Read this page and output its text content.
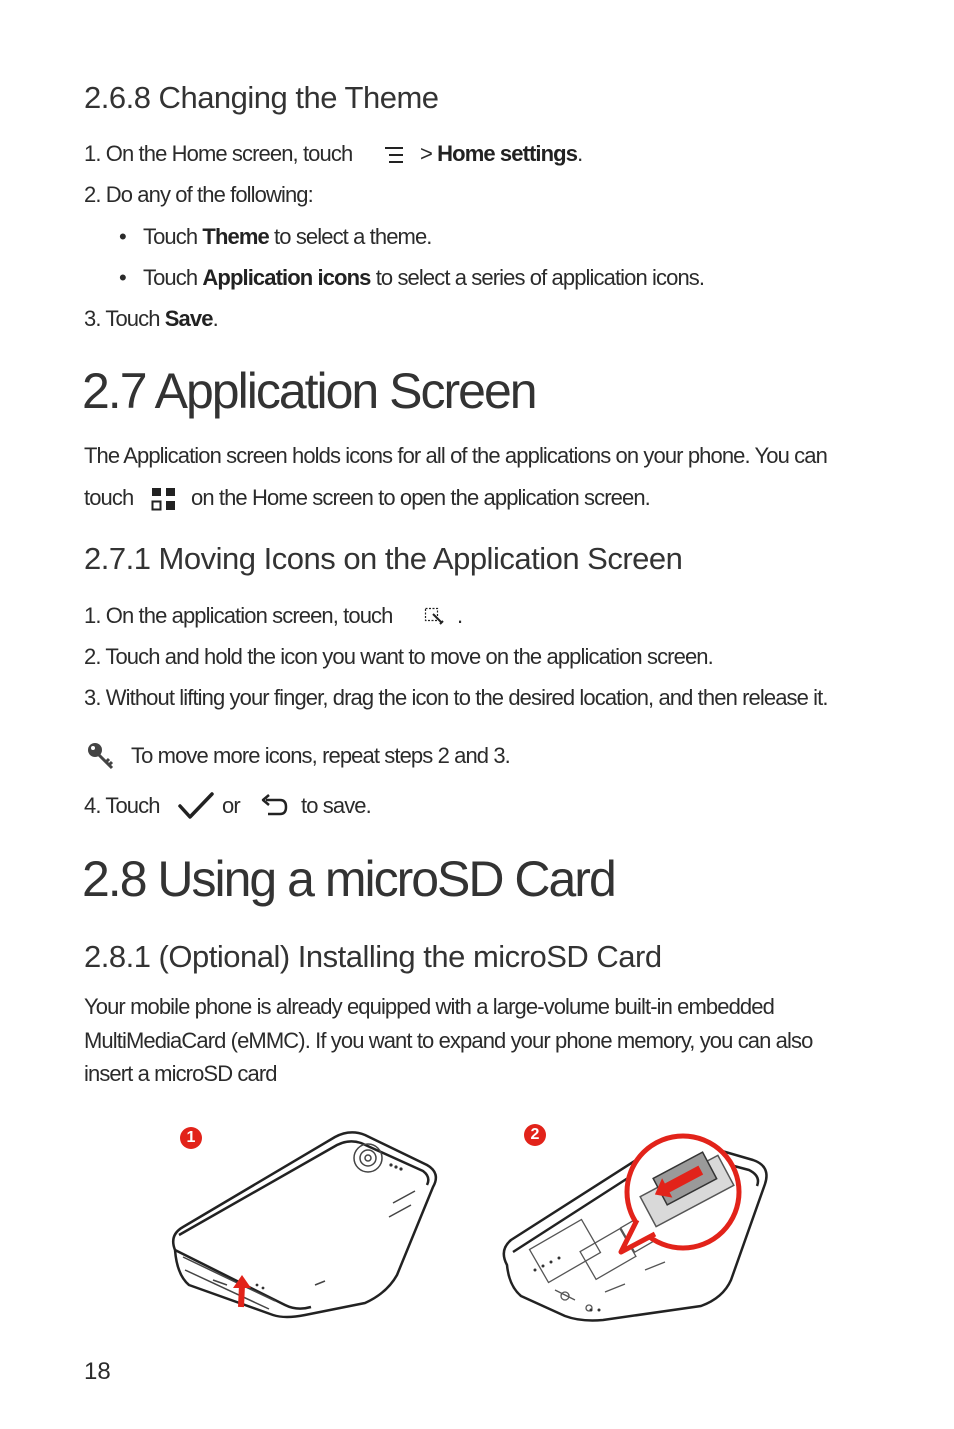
2.6.8 Changing the Theme
1. On the Home screen, touch	> Home settings.
2. Do any of the following:
• Touch Theme to select a theme.
• Touch Application icons to select a series of application icons.
3. Touch Save.
2.7 Application Screen
The Application screen holds icons for all of the applications on your phone. You can
touch	on the Home screen to open the application screen.
2.7.1 Moving Icons on the Application Screen
1. On the application screen, touch	.
2. Touch and hold the icon you want to move on the application screen.
3. Without lifting your finger, drag the icon to the desired location, and then release it.
To move more icons, repeat steps 2 and 3.
4. Touch	or	to save.
2.8 Using a microSD Card
2.8.1 (Optional) Installing the microSD Card
Your mobile phone is already equipped with a large-volume built-in embedded
MultiMediaCard (eMMC). If you want to expand your phone memory, you can also
insert a microSD card
1	2
18
